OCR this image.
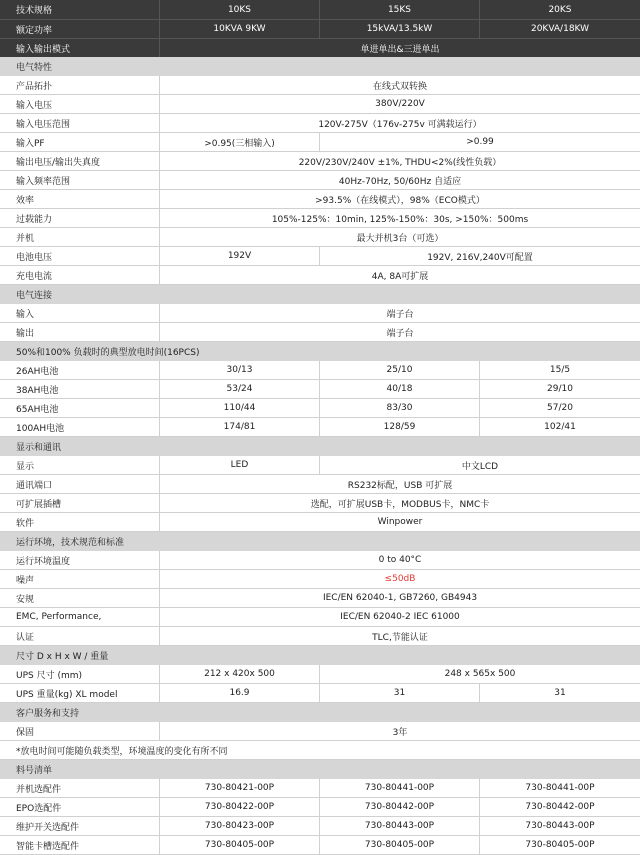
技术规格	10KS	15KS	20KS
额定功率	10KVA 9KW	15kVA/13.5kW	20KVA/18KW
输入输出模式	单进单出&三进单出
电气特性
产品拓扑	在线式双转换
输入电压	380V/220V
输入电压范围	120V-275V（176v-275v 可满载运行）
输入PF	>0.95(三相输入)	>0.99
输出电压/输出失真度	220V/230V/240V ±1%, THDU<2%(线性负载）
输入频率范围	40Hz-70Hz, 50/60Hz 自适应
效率	>93.5%（在线模式），98%（ECO模式）
过载能力	105%-125%：10min, 125%-150%：30s, >150%：500ms
并机	最大并机3台（可选）
电池电压	192V	192V, 216V,240V可配置
充电电流	4A, 8A可扩展
电气连接
输入	端子台
输出	端子台
50%和100% 负载时的典型放电时间(16PCS)
26AH电池	30/13	25/10	15/5
38AH电池	53/24	40/18	29/10
65AH电池	110/44	83/30	57/20
100AH电池	174/81	128/59	102/41
显示和通讯
显示	LED	中文LCD
通讯端口	RS232标配，USB 可扩展
可扩展插槽	选配，可扩展USB卡，MODBUS卡，NMC卡
软件	Winpower
运行环境，技术规范和标准
运行环境温度	0 to 40°C
噪声	≤50dB
安规	IEC/EN 62040-1, GB7260, GB4943
EMC, Performance,	IEC/EN 62040-2 IEC 61000
认证	TLC,节能认证
尺寸 D x H x W / 重量
UPS 尺寸 (mm)	212 x 420x 500	248 x 565x 500
UPS 重量(kg) XL model	16.9	31	31
客户服务和支持
保固	3年
*放电时间可能随负载类型，环境温度的变化有所不同
料号清单
并机选配件	730-80421-00P	730-80441-00P	730-80441-00P
EPO选配件	730-80422-00P	730-80442-00P	730-80442-00P
维护开关选配件	730-80423-00P	730-80443-00P	730-80443-00P
智能卡槽选配件	730-80405-00P	730-80405-00P	730-80405-00P
